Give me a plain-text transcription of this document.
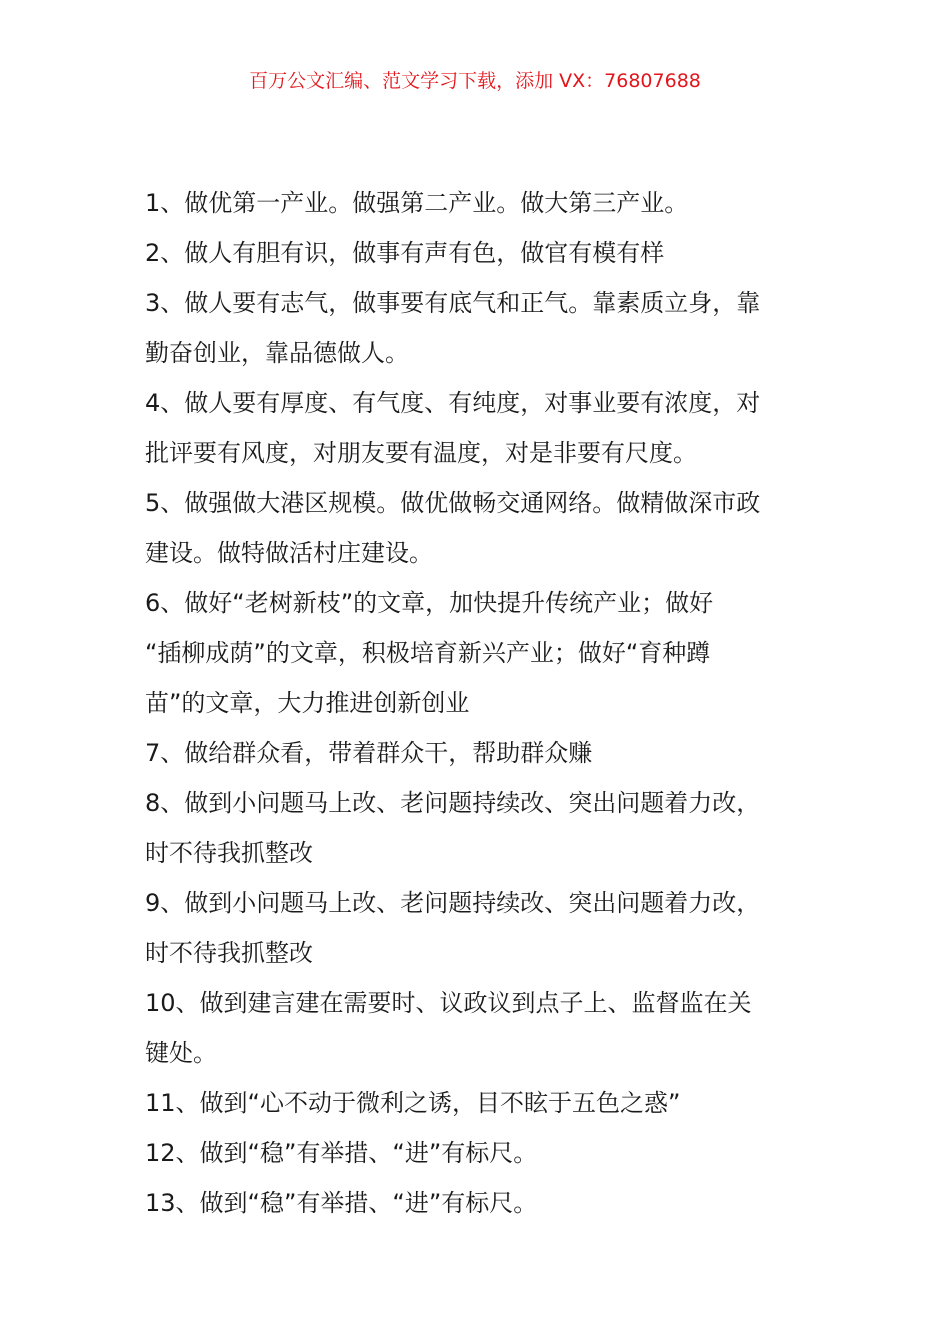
百万公文汇编、范文学习下载，添加 VX：76807688
1、做优第一产业。做强第二产业。做大第三产业。
2、做人有胆有识，做事有声有色，做官有模有样
3、做人要有志气，做事要有底气和正气。靠素质立身，靠
勤奋创业，靠品德做人。
4、做人要有厚度、有气度、有纯度，对事业要有浓度，对
批评要有风度，对朋友要有温度，对是非要有尺度。
5、做强做大港区规模。做优做畅交通网络。做精做深市政
建设。做特做活村庄建设。
6、做好“老树新枝”的文章，加快提升传统产业；做好
“插柳成荫”的文章，积极培育新兴产业；做好“育种蹲
苗”的文章，大力推进创新创业
7、做给群众看，带着群众干，帮助群众赚
8、做到小问题马上改、老问题持续改、突出问题着力改，
时不待我抓整改
9、做到小问题马上改、老问题持续改、突出问题着力改，
时不待我抓整改
10、做到建言建在需要时、议政议到点子上、监督监在关
键处。
11、做到“心不动于微利之诱，目不眩于五色之惑”
12、做到“稳”有举措、“进”有标尺。
13、做到“稳”有举措、“进”有标尺。
